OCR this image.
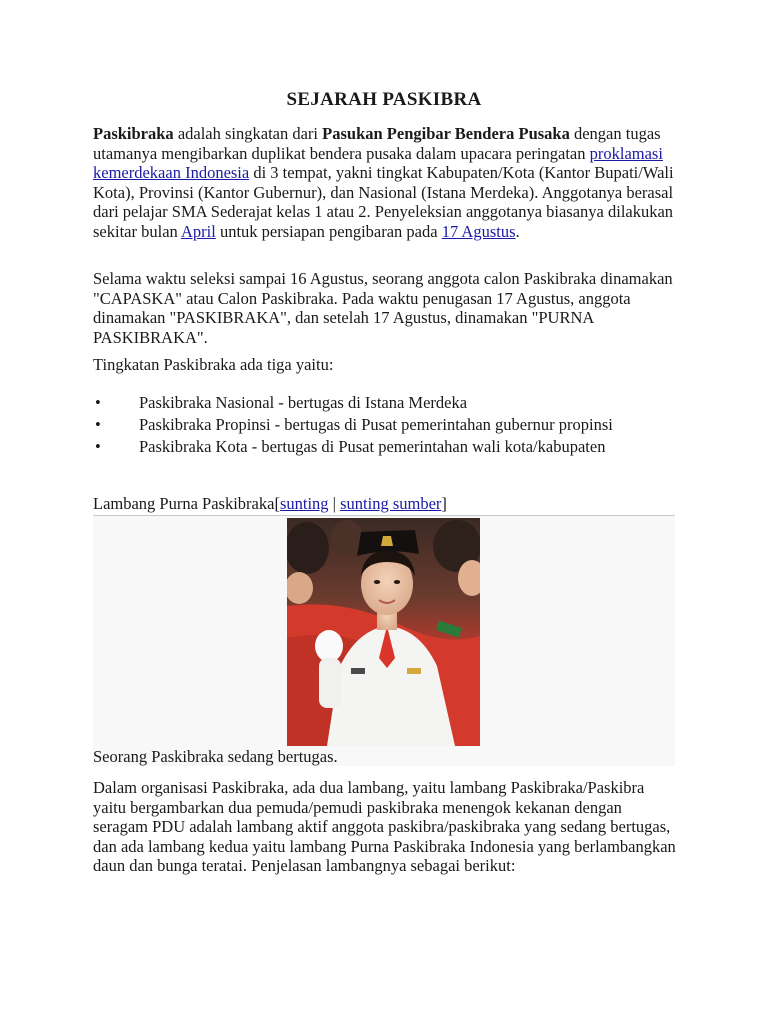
SEJARAH PASKIBRA

Paskibraka adalah singkatan dari Pasukan Pengibar Bendera Pusaka dengan tugas utamanya mengibarkan duplikat bendera pusaka dalam upacara peringatan proklamasi kemerdekaan Indonesia di 3 tempat, yakni tingkat Kabupaten/Kota (Kantor Bupati/Wali Kota), Provinsi (Kantor Gubernur), dan Nasional (Istana Merdeka). Anggotanya berasal dari pelajar SMA Sederajat kelas 1 atau 2. Penyeleksian anggotanya biasanya dilakukan sekitar bulan April untuk persiapan pengibaran pada 17 Agustus.

Selama waktu seleksi sampai 16 Agustus, seorang anggota calon Paskibraka dinamakan "CAPASKA" atau Calon Paskibraka. Pada waktu penugasan 17 Agustus, anggota dinamakan "PASKIBRAKA", dan setelah 17 Agustus, dinamakan "PURNA PASKIBRAKA".

Tingkatan Paskibraka ada tiga yaitu:

• Paskibraka Nasional - bertugas di Istana Merdeka
• Paskibraka Propinsi - bertugas di Pusat pemerintahan gubernur propinsi
• Paskibraka Kota - bertugas di Pusat pemerintahan wali kota/kabupaten
Lambang Purna Paskibraka[sunting | sunting sumber]
Seorang Paskibraka sedang bertugas.

Dalam organisasi Paskibraka, ada dua lambang, yaitu lambang Paskibraka/Paskibra yaitu bergambarkan dua pemuda/pemudi paskibraka menengok kekanan dengan seragam PDU adalah lambang aktif anggota paskibra/paskibraka yang sedang bertugas, dan ada lambang kedua yaitu lambang Purna Paskibraka Indonesia yang berlambangkan daun dan bunga teratai. Penjelasan lambangnya sebagai berikut:
